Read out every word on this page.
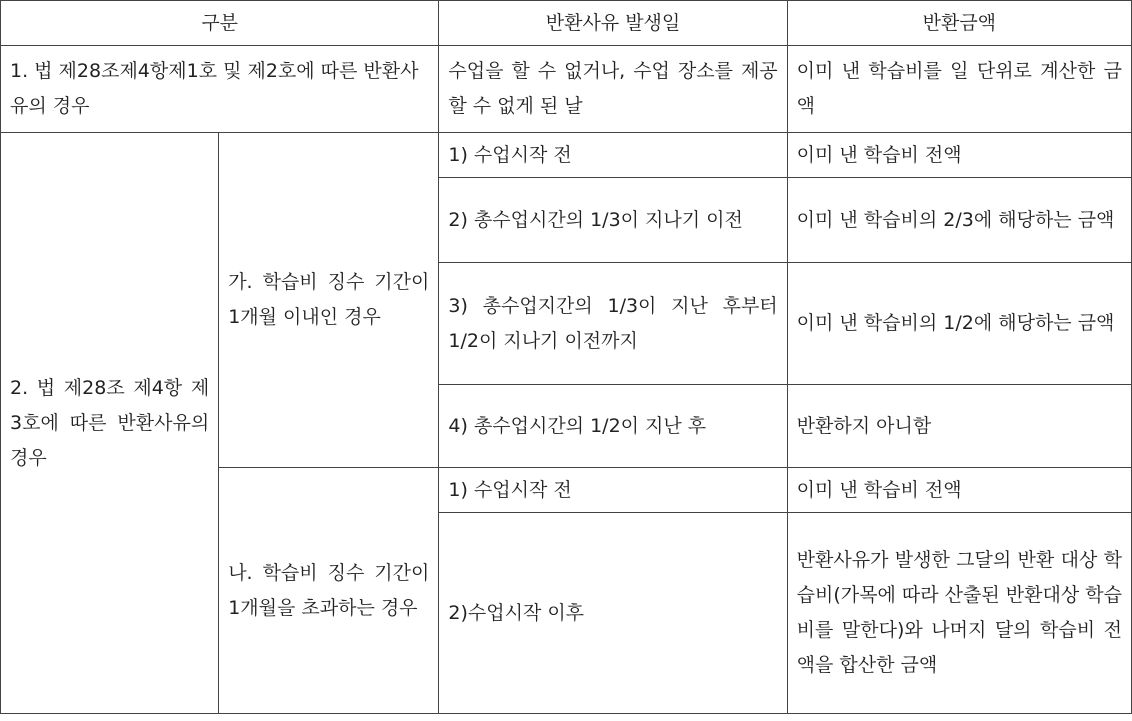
구분		반환사유 발생일	반환금액
1. 법 제28조제4항제1호 및 제2호에 따른 반환사유의 경우		수업을 할 수 없거나, 수업 장소를 제공할 수 없게 된 날	이미 낸 학습비를 일 단위로 계산한 금액
2. 법 제28조 제4항 제3호에 따른 반환사유의 경우	가. 학습비 징수 기간이 1개월 이내인 경우	1) 수업시작 전	이미 낸 학습비 전액
		2) 총수업시간의 1/3이 지나기 이전	이미 낸 학습비의 2/3에 해당하는 금액
		3) 총수업지간의 1/3이 지난 후부터 1/2이 지나기 이전까지	이미 낸 학습비의 1/2에 해당하는 금액
		4) 총수업시간의 1/2이 지난 후	반환하지 아니함
	나. 학습비 징수 기간이 1개월을 초과하는 경우	1) 수업시작 전	이미 낸 학습비 전액
		2)수업시작 이후	반환사유가 발생한 그달의 반환 대상 학습비(가목에 따라 산출된 반환대상 학습비를 말한다)와 나머지 달의 학습비 전액을 합산한 금액
